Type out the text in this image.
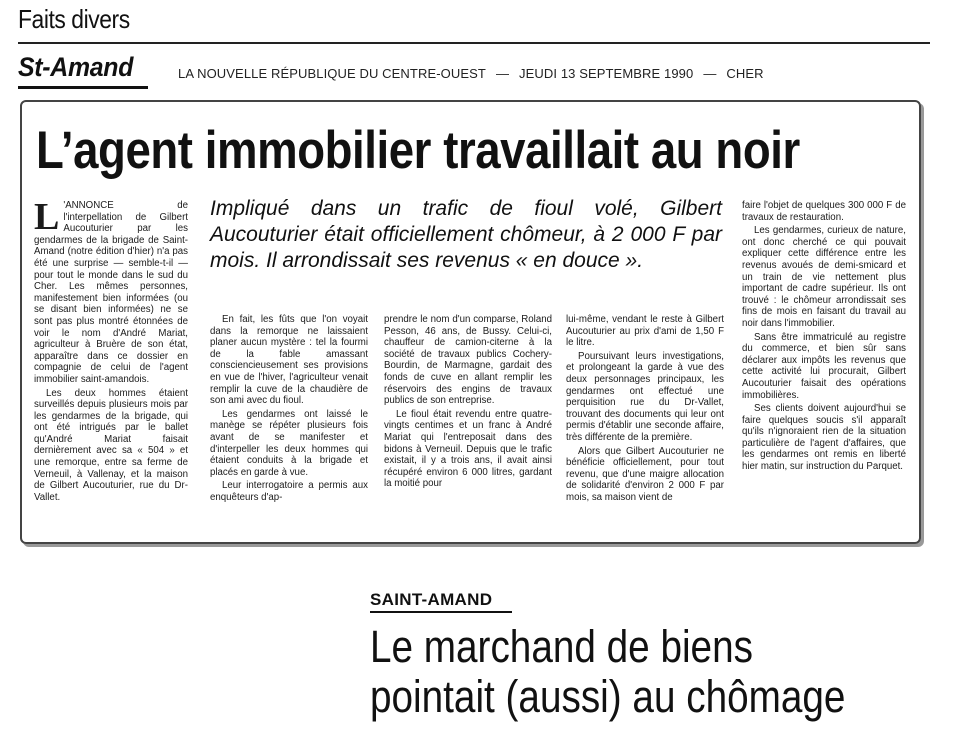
Faits divers
St-Amand	LA NOUVELLE RÉPUBLIQUE DU CENTRE-OUEST — JEUDI 13 SEPTEMBRE 1990 — CHER
L’agent immobilier travaillait au noir

L 'ANNONCE de l'interpellation de Gilbert Aucouturier par les gendarmes de la brigade de Saint-Amand (notre édition d'hier) n'a pas été une surprise — semble-t-il — pour tout le monde dans le sud du Cher. Les mêmes personnes, manifestement bien informées (ou se disant bien informées) ne se sont pas plus montré étonnées de voir le nom d'André Mariat, agriculteur à Bruère de son état, apparaître dans ce dossier en compagnie de celui de l'agent immobilier saint-amandois.

Les deux hommes étaient surveillés depuis plusieurs mois par les gendarmes de la brigade, qui ont été intrigués par le ballet qu'André Mariat faisait dernièrement avec sa « 504 » et une remorque, entre sa ferme de Verneuil, à Vallenay, et la maison de Gilbert Aucouturier, rue du Dr-Vallet.

Impliqué dans un trafic de fioul volé, Gilbert Aucouturier était officiellement chômeur, à 2 000 F par mois. Il arrondissait ses revenus « en douce ».

En fait, les fûts que l'on voyait dans la remorque ne laissaient planer aucun mystère : tel la fourmi de la fable amassant consciencieusement ses provisions en vue de l'hiver, l'agriculteur venait remplir la cuve de la chaudière de son ami avec du fioul.

Les gendarmes ont laissé le manège se répéter plusieurs fois avant de se manifester et d'interpeller les deux hommes qui étaient conduits à la brigade et placés en garde à vue.

Leur interrogatoire a permis aux enquêteurs d'ap-

prendre le nom d'un comparse, Roland Pesson, 46 ans, de Bussy. Celui-ci, chauffeur de camion-citerne à la société de travaux publics Cochery-Bourdin, de Marmagne, gardait des fonds de cuve en allant remplir les réservoirs des engins de travaux publics de son entreprise.

Le fioul était revendu entre quatre-vingts centimes et un franc à André Mariat qui l'entreposait dans des bidons à Verneuil. Depuis que le trafic existait, il y a trois ans, il avait ainsi récupéré environ 6 000 litres, gardant la moitié pour

lui-même, vendant le reste à Gilbert Aucouturier au prix d'ami de 1,50 F le litre.

Poursuivant leurs investigations, et prolongeant la garde à vue des deux personnages principaux, les gendarmes ont effectué une perquisition rue du Dr-Vallet, trouvant des documents qui leur ont permis d'établir une seconde affaire, très différente de la première.

Alors que Gilbert Aucouturier ne bénéficie officiellement, pour tout revenu, que d'une maigre allocation de solidarité d'environ 2 000 F par mois, sa maison vient de

faire l'objet de quelques 300 000 F de travaux de restauration.

Les gendarmes, curieux de nature, ont donc cherché ce qui pouvait expliquer cette différence entre les revenus avoués de demi-smicard et un train de vie nettement plus important de cadre supérieur. Ils ont trouvé : le chômeur arrondissait ses fins de mois en faisant du travail au noir dans l'immobilier.

Sans être immatriculé au registre du commerce, et bien sûr sans déclarer aux impôts les revenus que cette activité lui procurait, Gilbert Aucouturier faisait des opérations immobilières.

Ses clients doivent aujourd'hui se faire quelques soucis s'il apparaît qu'ils n'ignoraient rien de la situation particulière de l'agent d'affaires, que les gendarmes ont remis en liberté hier matin, sur instruction du Parquet.

SAINT-AMAND
Le marchand de biens
pointait (aussi) au chômage
